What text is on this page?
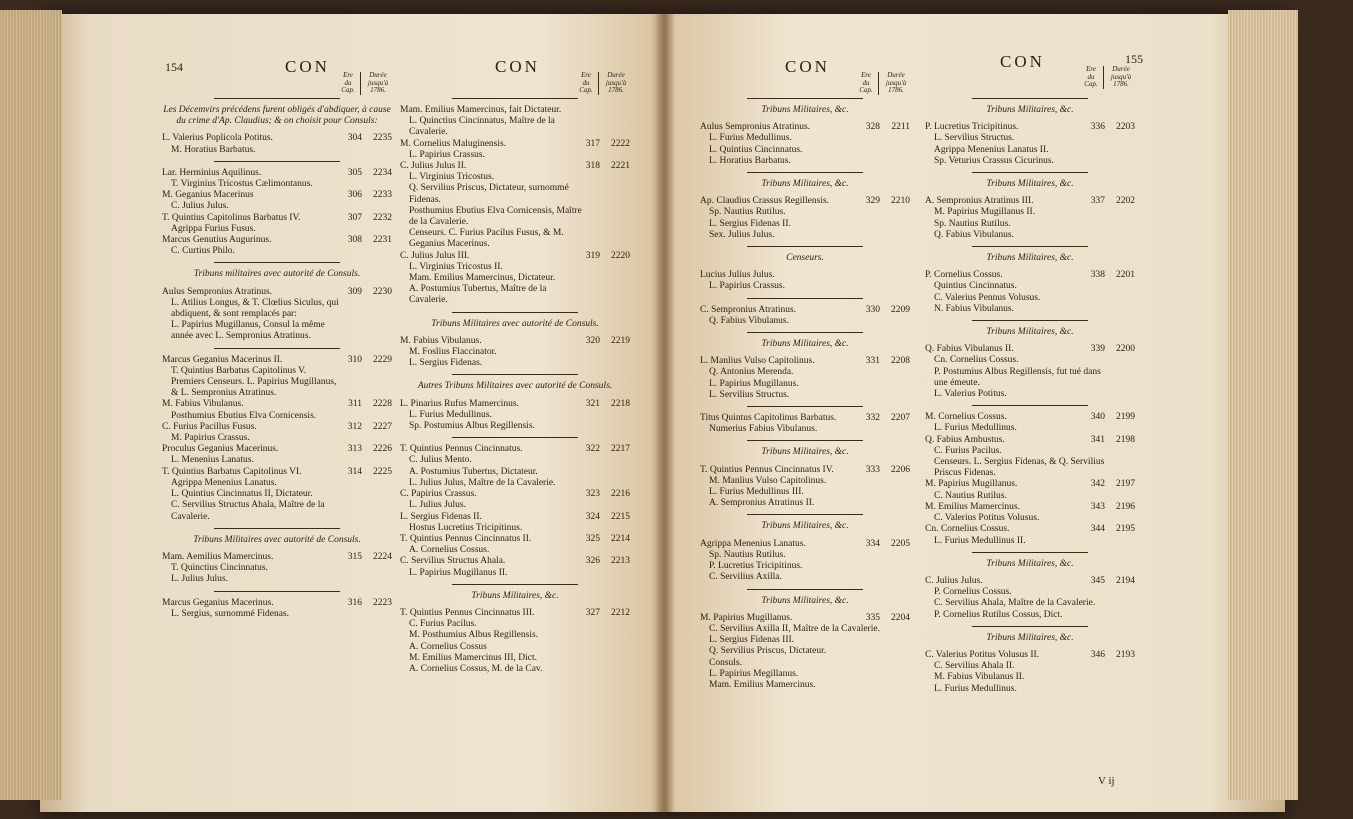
154	CON	CON	CON	CON	155
Ere
du
Cap.
Durée
jusqu'à
1786.
Les Décemvirs précédens furent obligés d'abdiquer, à cause du crime d'Ap. Claudius; & on choisit pour Consuls:
L. Valerius Poplicola Potitus.	304 2235
M. Horatius Barbatus.
Lar. Herminius Aquilinus.	305 2234
T. Virginius Tricostus Cælimontanus.
M. Geganius Macerinus	306 2233
C. Julius Julus.
T. Quintius Capitolinus Barbatus IV.	307 2232
Agrippa Furius Fusus.
Marcus Genutius Augurinus.	308 2231
C. Curtius Philo.
Tribuns militaires avec autorité de Consuls.
Aulus Sempronius Atratinus.	309 2230
L. Atilius Longus, & T. Clœlius Siculus, qui abdiquent, & sont remplacés par:
L. Papirius Mugillanus, Consul la même année avec L. Sempronius Atratinus.
Marcus Geganius Macerinus II.	310 2229
T. Quintius Barbatus Capitolinus V.
Premiers Censeurs. L. Papirius Mugillanus, & L. Sempronius Atratinus.
M. Fabius Vibulanus.	311 2228
Posthumius Ebutius Elva Cornicensis.
C. Furius Pacillus Fusus.	312 2227
M. Papirius Crassus.
Proculus Geganius Macerinus.	313 2226
L. Menenius Lanatus.
T. Quintius Barbatus Capitolinus VI.	314 2225
Agrippa Menenius Lanatus.
L. Quintius Cincinnatus II, Dictateur.
C. Servilius Structus Ahala, Maître de la Cavalerie.
Tribuns Militaires avec autorité de Consuls.
Mam. Aemilius Mamercinus.	315 2224
T. Quinctius Cincinnatus.
L. Julius Julus.
Marcus Geganius Macerinus.	316 2223
L. Sergius, surnommé Fidenas.
Ere
du
Cap.
Durée
jusqu'à
1786.
Mam. Emilius Mamercinus, fait Dictateur.
L. Quinctius Cincinnatus, Maître de la Cavalerie.
M. Cornelius Maluginensis.	317 2222
L. Papirius Crassus.
C. Julius Julus II.	318 2221
L. Virginius Tricostus.
Q. Servilius Priscus, Dictateur, surnommé Fidenas.
Posthumius Ebutius Elva Cornicensis, Maître de la Cavalerie.
Censeurs. C. Furius Pacilus Fusus, & M. Geganius Macerinus.
C. Julius Julus III.	319 2220
L. Virginius Tricostus II.
Mam. Emilius Mamercinus, Dictateur.
A. Postumius Tubertus, Maître de la Cavalerie.
Tribuns Militaires avec autorité de Consuls.
M. Fabius Vibulanus.	320 2219
M. Foslius Flaccinator.
L. Sergius Fidenas.
Autres Tribuns Militaires avec autorité de Consuls.
L. Pinarius Rufus Mamercinus.	321 2218
L. Furius Medullinus.
Sp. Postumius Albus Regillensis.
T. Quintius Pennus Cincinnatus.	322 2217
C. Julius Mento.
A. Postumius Tubertus, Dictateur.
L. Julius Julus, Maître de la Cavalerie.
C. Papirius Crassus.	323 2216
L. Julius Julus.
L. Sergius Fidenas II.	324 2215
Hostus Lucretius Tricipitinus.
T. Quintius Pennus Cincinnatus II.	325 2214
A. Cornelius Cossus.
C. Servilius Structus Ahala.	326 2213
L. Papirius Mugillanus II.
Tribuns Militaires, &c.
T. Quintius Pennus Cincinnatus III.	327 2212
C. Furius Pacilus.
M. Posthumius Albus Regillensis.
A. Cornelius Cossus
M. Emilius Mamercinus III, Dict.
A. Cornelius Cossus, M. de la Cav.
Ere
du
Cap.
Durée
jusqu'à
1786.
Tribuns Militaires, &c.
Aulus Sempronius Atratinus.	328 2211
L. Furius Medullinus.
L. Quintius Cincinnatus.
L. Horatius Barbatus.
Tribuns Militaires, &c.
Ap. Claudius Crassus Regillensis.	329 2210
Sp. Nautius Rutilus.
L. Sergius Fidenas II.
Sex. Julius Julus.
Censeurs.
Lucius Julius Julus.
L. Papirius Crassus.
C. Sempronius Atratinus.	330 2209
Q. Fabius Vibulanus.
Tribuns Militaires, &c.
L. Manlius Vulso Capitolinus.	331 2208
Q. Antonius Merenda.
L. Papirius Mugillanus.
L. Servilius Structus.
Titus Quintus Capitolinus Barbatus.	332 2207
Numerius Fabius Vibulanus.
Tribuns Militaires, &c.
T. Quintius Pennus Cincinnatus IV.	333 2206
M. Manlius Vulso Capitolinus.
L. Furius Medullinus III.
A. Sempronius Atratinus II.
Tribuns Militaires, &c.
Agrippa Menenius Lanatus.	334 2205
Sp. Nautius Rutilus.
P. Lucretius Tricipitinus.
C. Servilius Axilla.
Tribuns Militaires, &c.
M. Papirius Mugillanus.	335 2204
C. Servilius Axilla II, Maître de la Cavalerie.
L. Sergius Fidenas III.
Q. Servilius Priscus, Dictateur.
Consuls.
L. Papirius Megillanus.
Mam. Emilius Mamercinus.
Ere
du
Cap.
Durée
jusqu'à
1786.
Tribuns Militaires, &c.
P. Lucretius Tricipitinus.	336 2203
L. Servilius Structus.
Agrippa Menenius Lanatus II.
Sp. Veturius Crassus Cicurinus.
Tribuns Militaires, &c.
A. Sempronius Atratinus III.	337 2202
M. Papirius Mugillanus II.
Sp. Nautius Rutilus.
Q. Fabius Vibulanus.
Tribuns Militaires, &c.
P. Cornelius Cossus.	338 2201
Quintius Cincinnatus.
C. Valerius Pennus Volusus.
N. Fabius Vibulanus.
Tribuns Militaires, &c.
Q. Fabius Vibulanus II.	339 2200
Cn. Cornelius Cossus.
P. Postumius Albus Regillensis, fut tué dans une émeute.
L. Valerius Potitus.
M. Cornelius Cossus.	340 2199
L. Furius Medullinus.
Q. Fabius Ambustus.	341 2198
C. Furius Pacilus.
Censeurs. L. Sergius Fidenas, & Q. Servilius Priscus Fidenas.
M. Papirius Mugillanus.	342 2197
C. Nautius Rutilus.
M. Emilius Mamercinus.	343 2196
C. Valerius Potitus Volusus.
Cn. Cornelius Cossus.	344 2195
L. Furius Medullinus II.
Tribuns Militaires, &c.
C. Julius Julus.	345 2194
P. Cornelius Cossus.
C. Servilius Ahala, Maître de la Cavalerie.
P. Cornelius Rutilus Cossus, Dict.
Tribuns Militaires, &c.
C. Valerius Potitus Volusus II.	346 2193
C. Servilius Ahala II.
M. Fabius Vibulanus II.
L. Furius Medullinus.
V ij
